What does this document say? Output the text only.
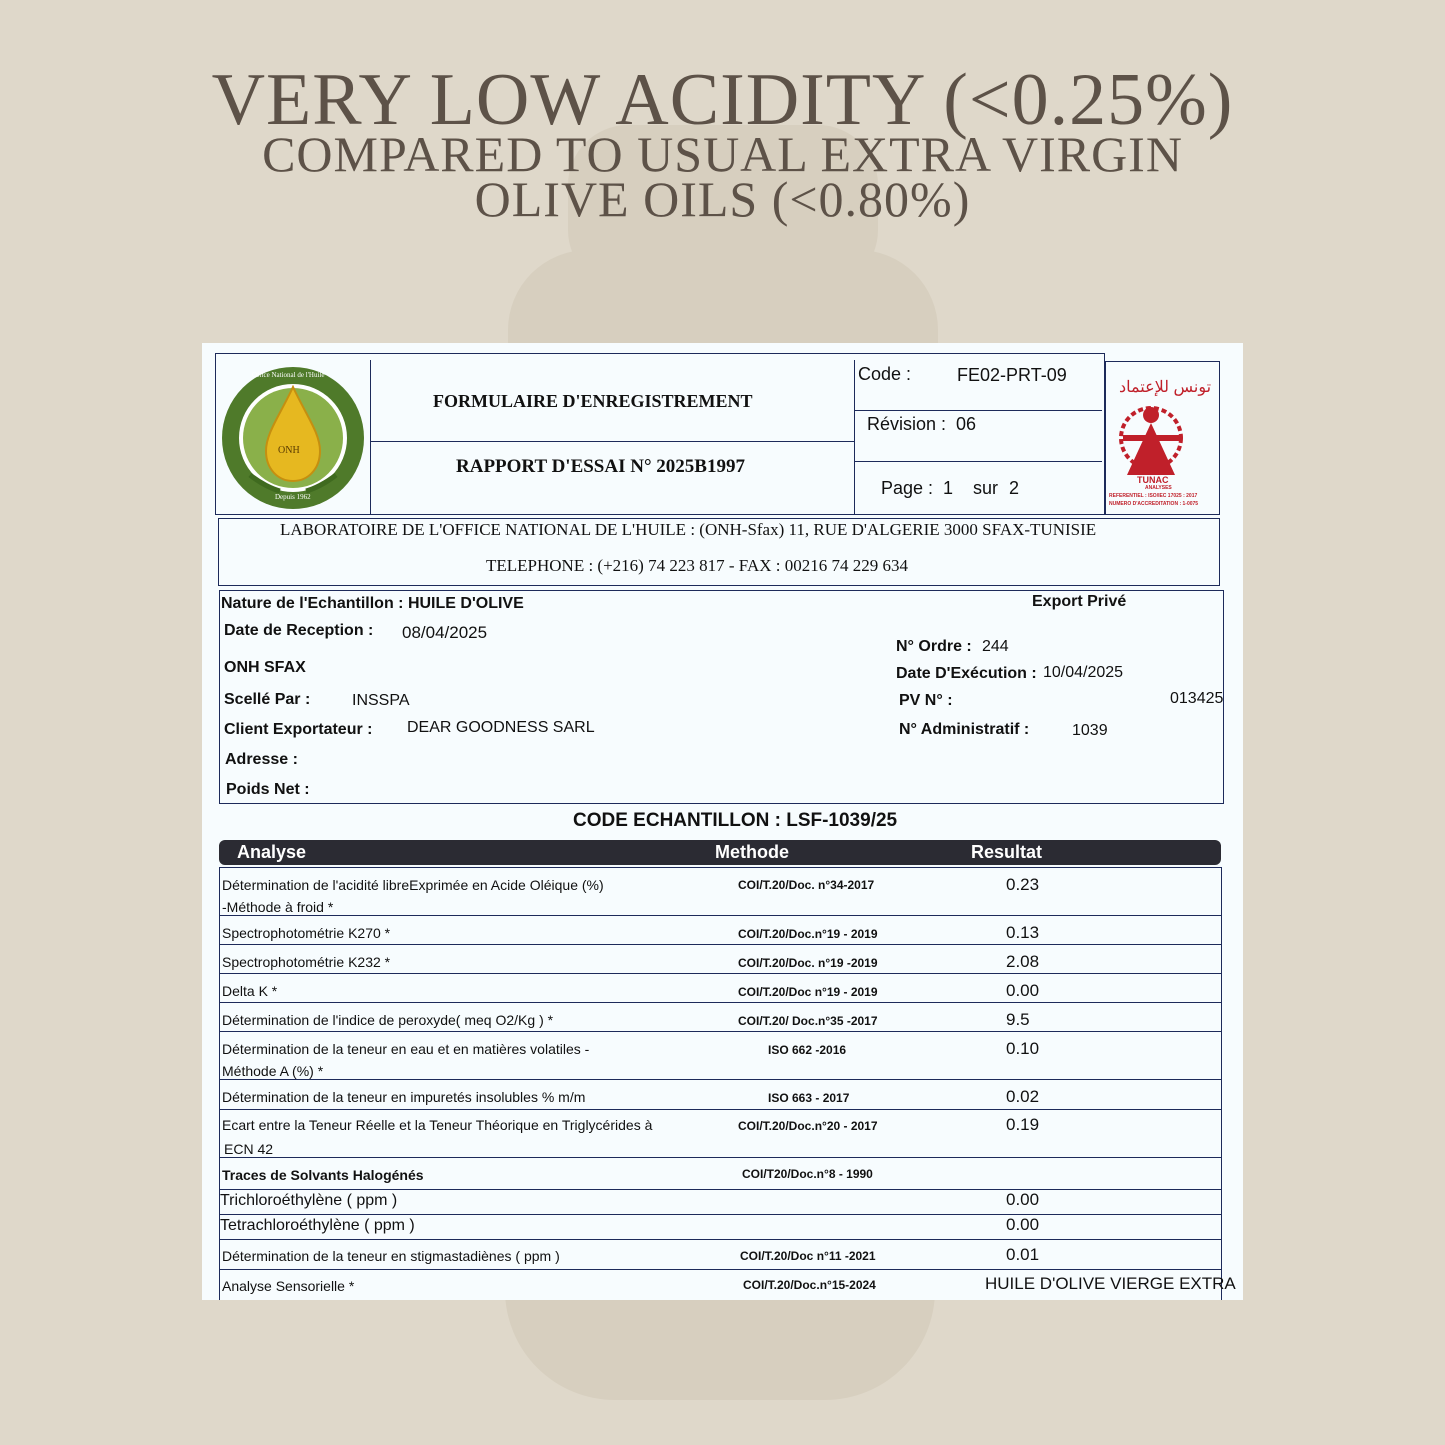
VERY LOW ACIDITY (<0.25%)
COMPARED TO USUAL EXTRA VIRGIN
OLIVE OILS (<0.80%)
ONH
Office National de l'Huile
Depuis 1962
تونس للإعتماد
TUNAC
ANALYSES
REFERENTIEL : ISO/IEC 17025 : 2017
NUMERO D'ACCREDITATION : 1-0075
FORMULAIRE D'ENREGISTREMENT
RAPPORT D'ESSAI N° 2025B1997
Code :	FE02-PRT-09
Révision : 06
Page : 1 sur 2
LABORATOIRE DE L'OFFICE NATIONAL DE L'HUILE : (ONH-Sfax) 11, RUE D'ALGERIE 3000 SFAX-TUNISIE
TELEPHONE : (+216) 74 223 817 - FAX : 00216 74 229 634
Nature de l'Echantillon : HUILE D'OLIVE	Export Privé
Date de Reception : 08/04/2025
ONH SFAX
Scellé Par :	INSSPA
Client Exportateur : DEAR GOODNESS SARL
Adresse :
Poids Net :
N° Ordre : 244
Date D'Exécution : 10/04/2025
PV N° :	013425
N° Administratif :	1039
CODE ECHANTILLON : LSF-1039/25
Analyse	Methode	Resultat
Détermination de l'acidité libreExprimée en Acide Oléique (%)
-Méthode à froid *
COI/T.20/Doc. n°34-2017	0.23
Spectrophotométrie K270 *	COI/T.20/Doc.n°19 - 2019	0.13
Spectrophotométrie K232 *	COI/T.20/Doc. n°19 -2019	2.08
Delta K *	COI/T.20/Doc n°19 - 2019	0.00
Détermination de l'indice de peroxyde( meq O2/Kg ) *	COI/T.20/ Doc.n°35 -2017	9.5
Détermination de la teneur en eau et en matières volatiles -
Méthode A (%) *
ISO 662 -2016	0.10
Détermination de la teneur en impuretés insolubles % m/m	ISO 663 - 2017	0.02
Ecart entre la Teneur Réelle et la Teneur Théorique en Triglycérides à
ECN 42
COI/T.20/Doc.n°20 - 2017	0.19
Traces de Solvants Halogénés	COI/T20/Doc.n°8 - 1990
Trichloroéthylène ( ppm )	0.00
Tetrachloroéthylène ( ppm )	0.00
Détermination de la teneur en stigmastadiènes ( ppm )	COI/T.20/Doc n°11 -2021	0.01
Analyse Sensorielle *	COI/T.20/Doc.n°15-2024	HUILE D'OLIVE VIERGE EXTRA
